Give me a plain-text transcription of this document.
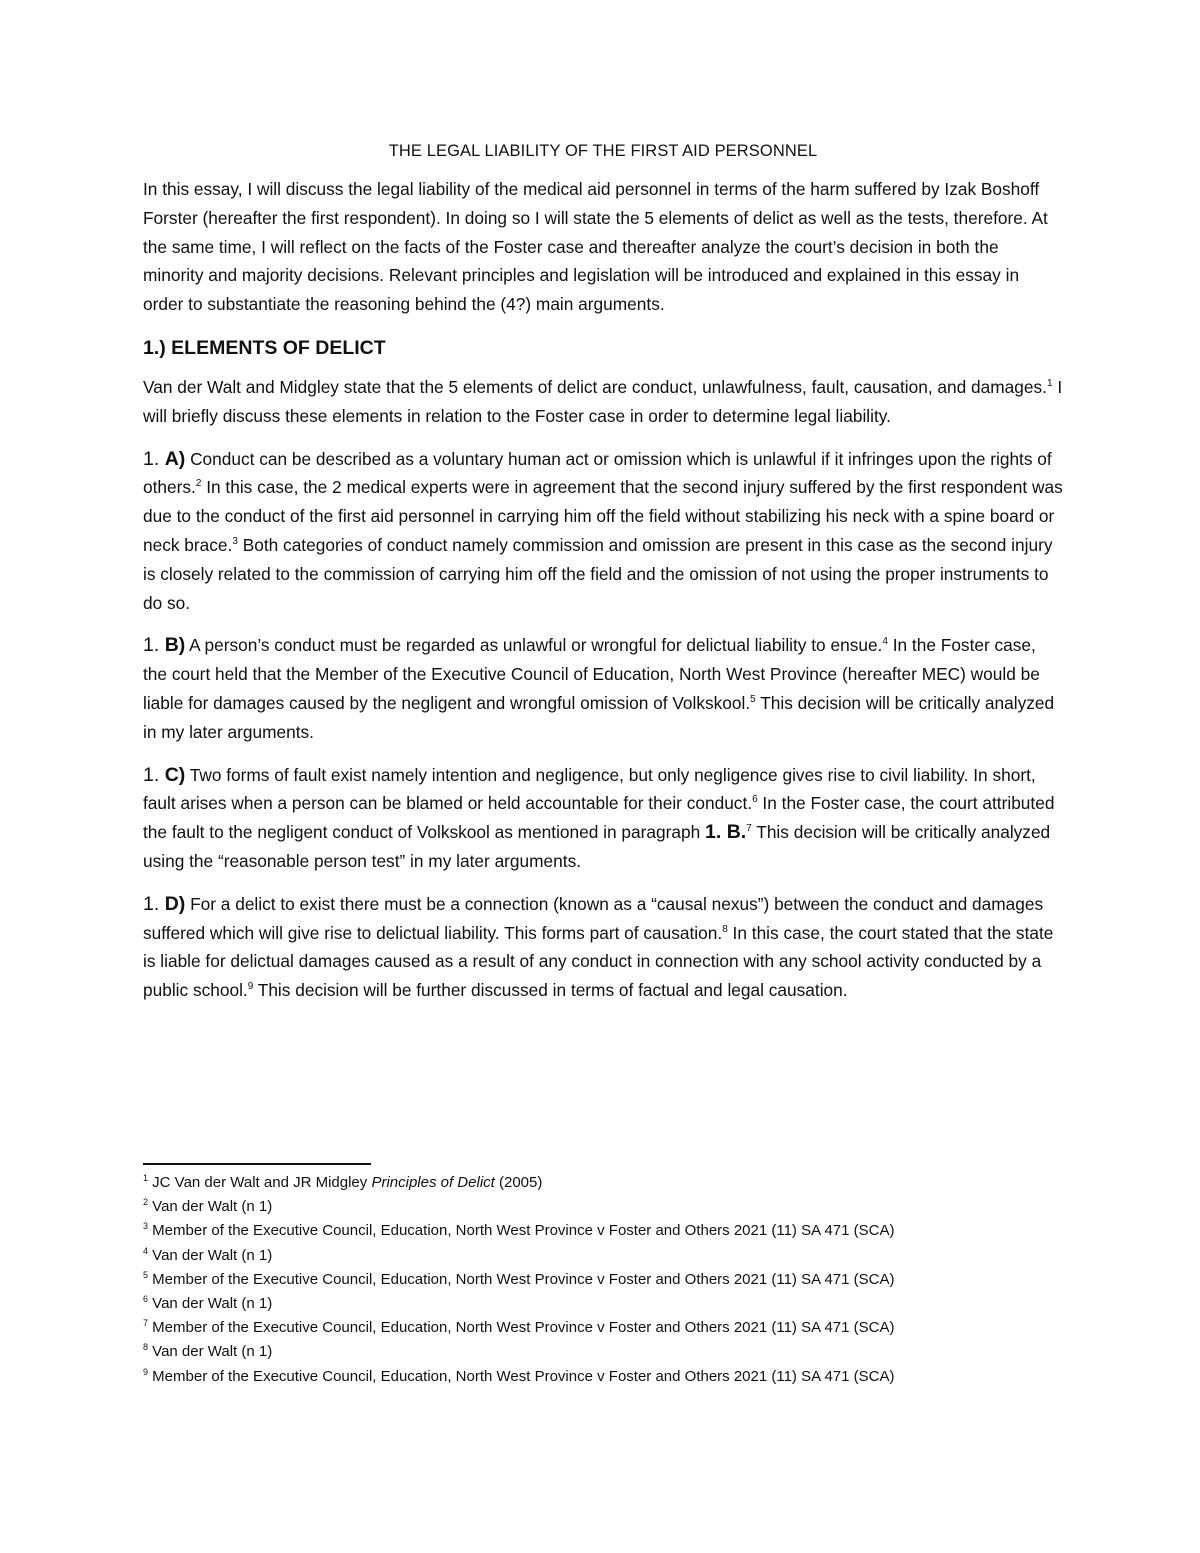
THE LEGAL LIABILITY OF THE FIRST AID PERSONNEL

In this essay, I will discuss the legal liability of the medical aid personnel in terms of the harm suffered by Izak Boshoff Forster (hereafter the first respondent). In doing so I will state the 5 elements of delict as well as the tests, therefore. At the same time, I will reflect on the facts of the Foster case and thereafter analyze the court’s decision in both the minority and majority decisions. Relevant principles and legislation will be introduced and explained in this essay in order to substantiate the reasoning behind the (4?) main arguments.

1.) ELEMENTS OF DELICT

Van der Walt and Midgley state that the 5 elements of delict are conduct, unlawfulness, fault, causation, and damages.$^1$ I will briefly discuss these elements in relation to the Foster case in order to determine legal liability.

1. A) Conduct can be described as a voluntary human act or omission which is unlawful if it infringes upon the rights of others.$^2$ In this case, the 2 medical experts were in agreement that the second injury suffered by the first respondent was due to the conduct of the first aid personnel in carrying him off the field without stabilizing his neck with a spine board or neck brace.$^3$ Both categories of conduct namely commission and omission are present in this case as the second injury is closely related to the commission of carrying him off the field and the omission of not using the proper instruments to do so.

1. B) A person’s conduct must be regarded as unlawful or wrongful for delictual liability to ensue.$^4$ In the Foster case, the court held that the Member of the Executive Council of Education, North West Province (hereafter MEC) would be liable for damages caused by the negligent and wrongful omission of Volkskool.$^5$ This decision will be critically analyzed in my later arguments.

1. C) Two forms of fault exist namely intention and negligence, but only negligence gives rise to civil liability. In short, fault arises when a person can be blamed or held accountable for their conduct.$^6$ In the Foster case, the court attributed the fault to the negligent conduct of Volkskool as mentioned in paragraph 1. B.$^7$ This decision will be critically analyzed using the “reasonable person test” in my later arguments.

1. D) For a delict to exist there must be a connection (known as a “causal nexus”) between the conduct and damages suffered which will give rise to delictual liability. This forms part of causation.$^8$ In this case, the court stated that the state is liable for delictual damages caused as a result of any conduct in connection with any school activity conducted by a public school.$^9$ This decision will be further discussed in terms of factual and legal causation.

$^1$ JC Van der Walt and JR Midgley Principles of Delict (2005)
$^2$ Van der Walt (n 1)
$^3$ Member of the Executive Council, Education, North West Province v Foster and Others 2021 (11) SA 471 (SCA)
$^4$ Van der Walt (n 1)
$^5$ Member of the Executive Council, Education, North West Province v Foster and Others 2021 (11) SA 471 (SCA)
$^6$ Van der Walt (n 1)
$^7$ Member of the Executive Council, Education, North West Province v Foster and Others 2021 (11) SA 471 (SCA)
$^8$ Van der Walt (n 1)
$^9$ Member of the Executive Council, Education, North West Province v Foster and Others 2021 (11) SA 471 (SCA)
